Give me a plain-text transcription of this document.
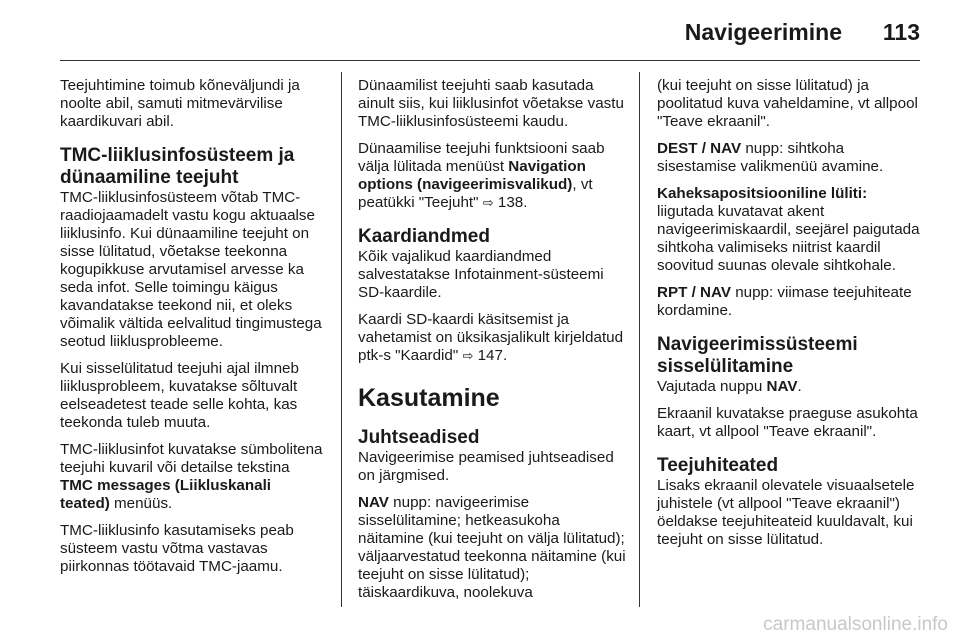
Navigeerimine 113

Teejuhtimine toimub kõneväljundi ja noolte abil, samuti mitmevärvilise kaardikuvari abil.

TMC-liiklusinfosüsteem ja dünaamiline teejuht

TMC-liiklusinfosüsteem võtab TMC-raadiojaamadelt vastu kogu aktuaalse liiklusinfo. Kui dünaamiline teejuht on sisse lülitatud, võetakse teekonna kogupikkuse arvutamisel arvesse ka seda infot. Selle toimingu käigus kavandatakse teekond nii, et oleks võimalik vältida eelvalitud tingimustega seotud liiklusprobleeme.

Kui sisselülitatud teejuhi ajal ilmneb liiklusprobleem, kuvatakse sõltuvalt eelseadetest teade selle kohta, kas teekonda tuleb muuta.

TMC-liiklusinfot kuvatakse sümbolitena teejuhi kuvaril või detailse tekstina TMC messages (Liikluskanali teated) menüüs.

TMC-liiklusinfo kasutamiseks peab süsteem vastu võtma vastavas piirkonnas töötavaid TMC-jaamu.

Dünaamilist teejuhti saab kasutada ainult siis, kui liiklusinfot võetakse vastu TMC-liiklusinfosüsteemi kaudu.

Dünaamilise teejuhi funktsiooni saab välja lülitada menüüst Navigation options (navigeerimisvalikud), vt peatükki "Teejuht" ⇨ 138.

Kaardiandmed

Kõik vajalikud kaardiandmed salvestatakse Infotainment-süsteemi SD-kaardile.

Kaardi SD-kaardi käsitsemist ja vahetamist on üksikasjalikult kirjeldatud ptk-s "Kaardid" ⇨ 147.

Kasutamine
Juhtseadised

Navigeerimise peamised juhtseadised on järgmised.

NAV nupp: navigeerimise sisselülitamine; hetkeasukoha näitamine (kui teejuht on välja lülitatud); väljaarvestatud teekonna näitamine (kui teejuht on sisse lülitatud); täiskaardikuva, noolekuva

(kui teejuht on sisse lülitatud) ja poolitatud kuva vaheldamine, vt allpool "Teave ekraanil".

DEST / NAV nupp: sihtkoha sisestamise valikmenüü avamine.

Kaheksapositsiooniline lüliti: liigutada kuvatavat akent navigeerimiskaardil, seejärel paigutada sihtkoha valimiseks niitrist kaardil soovitud suunas olevale sihtkohale.

RPT / NAV nupp: viimase teejuhiteate kordamine.

Navigeerimissüsteemi sisselülitamine

Vajutada nuppu NAV.

Ekraanil kuvatakse praeguse asukohta kaart, vt allpool "Teave ekraanil".

Teejuhiteated

Lisaks ekraanil olevatele visuaalsetele juhistele (vt allpool "Teave ekraanil") öeldakse teejuhiteateid kuuldavalt, kui teejuht on sisse lülitatud.

carmanualsonline.info
